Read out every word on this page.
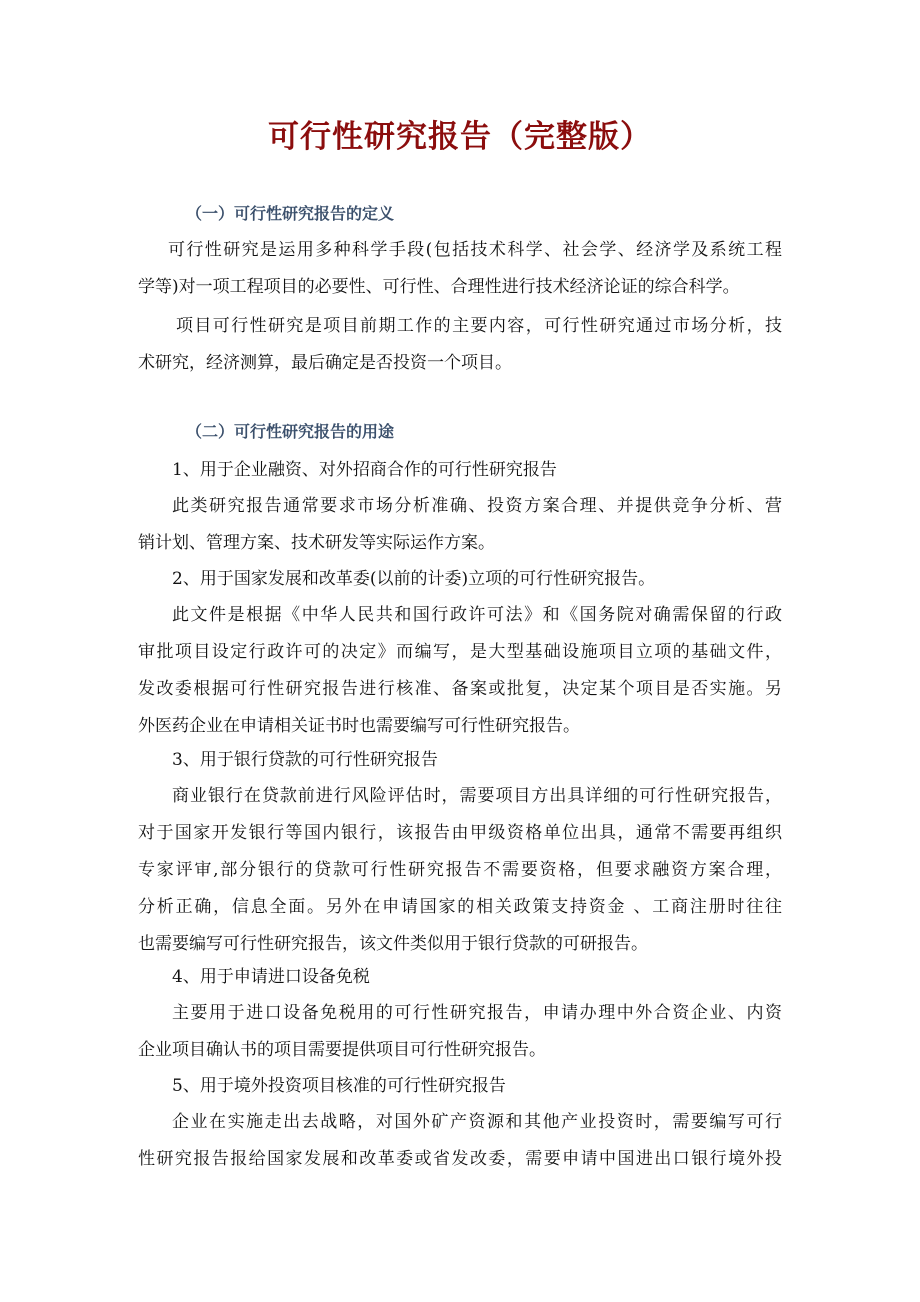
可行性研究报告（完整版）
（一）可行性研究报告的定义
可行性研究是运用多种科学手段(包括技术科学、社会学、经济学及系统工程
学等)对一项工程项目的必要性、可行性、合理性进行技术经济论证的综合科学。
项目可行性研究是项目前期工作的主要内容，可行性研究通过市场分析，技
术研究，经济测算，最后确定是否投资一个项目。
（二）可行性研究报告的用途
1、用于企业融资、对外招商合作的可行性研究报告
此类研究报告通常要求市场分析准确、投资方案合理、并提供竞争分析、营
销计划、管理方案、技术研发等实际运作方案。
2、用于国家发展和改革委(以前的计委)立项的可行性研究报告。
此文件是根据《中华人民共和国行政许可法》和《国务院对确需保留的行政
审批项目设定行政许可的决定》而编写，是大型基础设施项目立项的基础文件，
发改委根据可行性研究报告进行核准、备案或批复，决定某个项目是否实施。另
外医药企业在申请相关证书时也需要编写可行性研究报告。
3、用于银行贷款的可行性研究报告
商业银行在贷款前进行风险评估时，需要项目方出具详细的可行性研究报告，
对于国家开发银行等国内银行，该报告由甲级资格单位出具，通常不需要再组织
专家评审,部分银行的贷款可行性研究报告不需要资格，但要求融资方案合理，
分析正确，信息全面。另外在申请国家的相关政策支持资金 、工商注册时往往
也需要编写可行性研究报告，该文件类似用于银行贷款的可研报告。
4、用于申请进口设备免税
主要用于进口设备免税用的可行性研究报告，申请办理中外合资企业、内资
企业项目确认书的项目需要提供项目可行性研究报告。
5、用于境外投资项目核准的可行性研究报告
企业在实施走出去战略，对国外矿产资源和其他产业投资时，需要编写可行
性研究报告报给国家发展和改革委或省发改委，需要申请中国进出口银行境外投
